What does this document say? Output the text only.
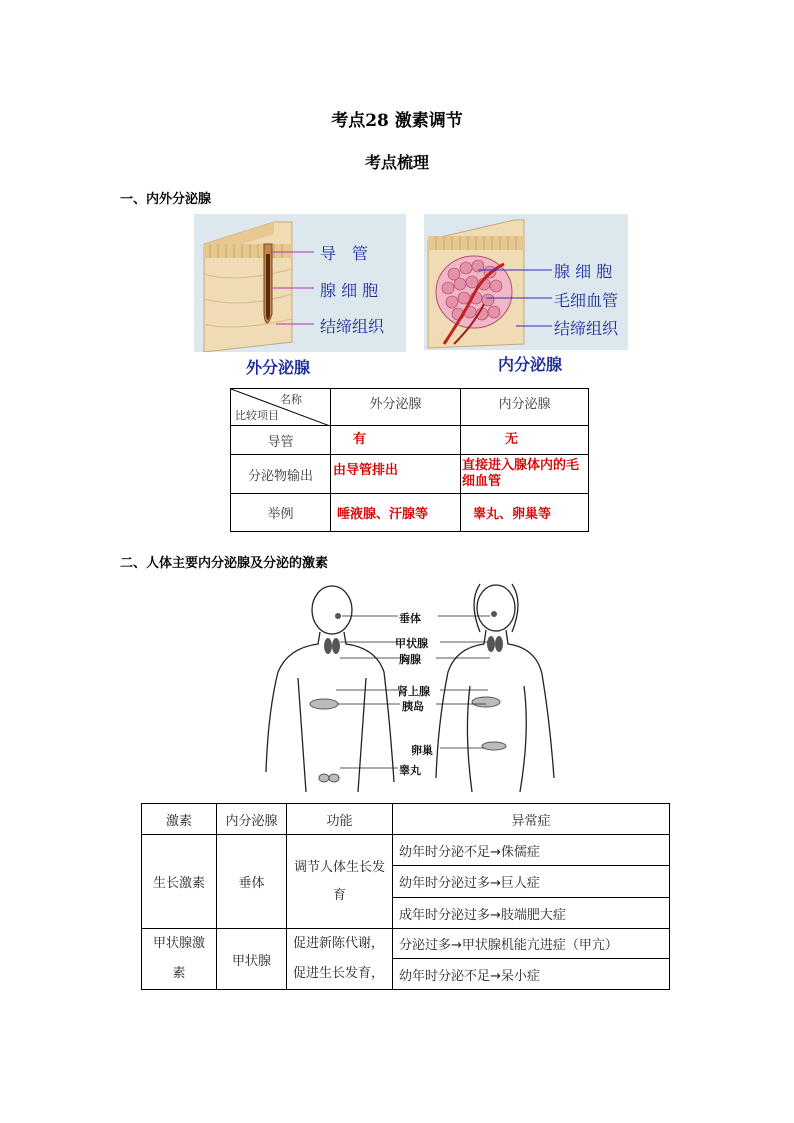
考点28 激素调节
考点梳理
一、内外分泌腺
导　管
腺 细 胞
结缔组织
外分泌腺
腺 细 胞
毛细血管
结缔组织
内分泌腺
名称
比较项目	外分泌腺	内分泌腺
导管	有	无
分泌物输出	由导管排出	直接进入腺体内的毛细血管
举例	唾液腺、汗腺等	睾丸、卵巢等
二、人体主要内分泌腺及分泌的激素
垂体
甲状腺
胸腺
肾上腺
胰岛
卵巢
睾丸
激素	内分泌腺	功能	异常症
生长激素	垂体	调节人体生长发育	幼年时分泌不足→侏儒症
			幼年时分泌过多→巨人症
			成年时分泌过多→肢端肥大症
甲状腺激素	甲状腺	促进新陈代谢，促进生长发育，	分泌过多→甲状腺机能亢进症（甲亢）
			幼年时分泌不足→呆小症
